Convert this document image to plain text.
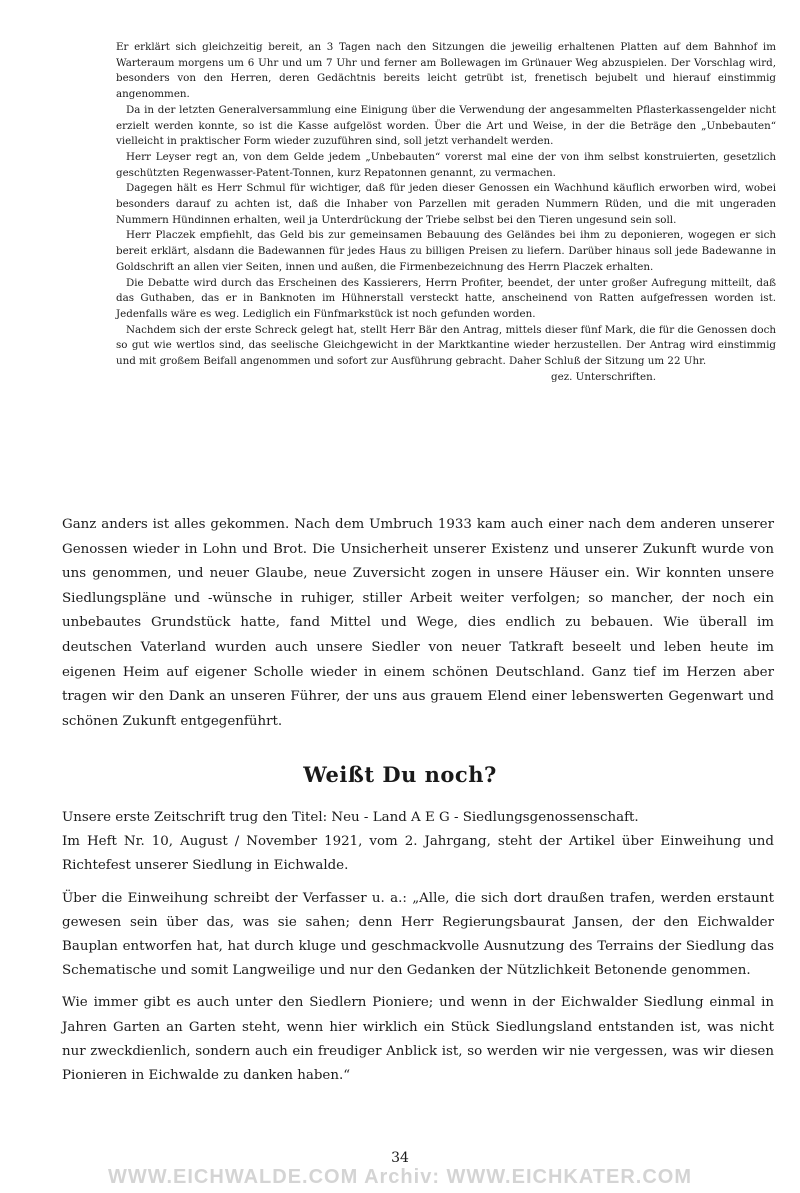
Er erklärt sich gleichzeitig bereit, an 3 Tagen nach den Sitzungen die jeweilig erhaltenen Platten auf dem Bahnhof im Warteraum morgens um 6 Uhr und um 7 Uhr und ferner am Bollewagen im Grünauer Weg abzuspielen. Der Vorschlag wird, besonders von den Herren, deren Gedächtnis bereits leicht getrübt ist, frenetisch bejubelt und hierauf einstimmig angenommen.

Da in der letzten Generalversammlung eine Einigung über die Verwendung der angesammelten Pflasterkassengelder nicht erzielt werden konnte, so ist die Kasse aufgelöst worden. Über die Art und Weise, in der die Beträge den „Unbebauten“ vielleicht in praktischer Form wieder zuzuführen sind, soll jetzt verhandelt werden.

Herr Leyser regt an, von dem Gelde jedem „Unbebauten“ vorerst mal eine der von ihm selbst konstruierten, gesetzlich geschützten Regenwasser-Patent-Tonnen, kurz Repatonnen genannt, zu vermachen.

Dagegen hält es Herr Schmul für wichtiger, daß für jeden dieser Genossen ein Wachhund käuflich erworben wird, wobei besonders darauf zu achten ist, daß die Inhaber von Parzellen mit geraden Nummern Rüden, und die mit ungeraden Nummern Hündinnen erhalten, weil ja Unterdrückung der Triebe selbst bei den Tieren ungesund sein soll.

Herr Placzek empfiehlt, das Geld bis zur gemeinsamen Bebauung des Geländes bei ihm zu deponieren, wogegen er sich bereit erklärt, alsdann die Badewannen für jedes Haus zu billigen Preisen zu liefern. Darüber hinaus soll jede Badewanne in Goldschrift an allen vier Seiten, innen und außen, die Firmenbezeichnung des Herrn Placzek erhalten.

Die Debatte wird durch das Erscheinen des Kassierers, Herrn Profiter, beendet, der unter großer Aufregung mitteilt, daß das Guthaben, das er in Banknoten im Hühnerstall versteckt hatte, anscheinend von Ratten aufgefressen worden ist. Jedenfalls wäre es weg. Lediglich ein Fünfmarkstück ist noch gefunden worden.

Nachdem sich der erste Schreck gelegt hat, stellt Herr Bär den Antrag, mittels dieser fünf Mark, die für die Genossen doch so gut wie wertlos sind, das seelische Gleichgewicht in der Marktkantine wieder herzustellen. Der Antrag wird einstimmig und mit großem Beifall angenommen und sofort zur Ausführung gebracht. Daher Schluß der Sitzung um 22 Uhr.

gez. Unterschriften.

Ganz anders ist alles gekommen. Nach dem Umbruch 1933 kam auch einer nach dem anderen unserer Genossen wieder in Lohn und Brot. Die Unsicherheit unserer Existenz und unserer Zukunft wurde von uns genommen, und neuer Glaube, neue Zuversicht zogen in unsere Häuser ein. Wir konnten unsere Siedlungspläne und -wünsche in ruhiger, stiller Arbeit weiter verfolgen; so mancher, der noch ein unbebautes Grundstück hatte, fand Mittel und Wege, dies endlich zu bebauen. Wie überall im deutschen Vaterland wurden auch unsere Siedler von neuer Tatkraft beseelt und leben heute im eigenen Heim auf eigener Scholle wieder in einem schönen Deutschland. Ganz tief im Herzen aber tragen wir den Dank an unseren Führer, der uns aus grauem Elend einer lebenswerten Gegenwart und schönen Zukunft entgegenführt.

Weißt Du noch?

Unsere erste Zeitschrift trug den Titel: Neu - Land A E G - Siedlungsgenossenschaft.

Im Heft Nr. 10, August / November 1921, vom 2. Jahrgang, steht der Artikel über Einweihung und Richtefest unserer Siedlung in Eichwalde.

Über die Einweihung schreibt der Verfasser u. a.: „Alle, die sich dort draußen trafen, werden erstaunt gewesen sein über das, was sie sahen; denn Herr Regierungsbaurat Jansen, der den Eichwalder Bauplan entworfen hat, hat durch kluge und geschmackvolle Ausnutzung des Terrains der Siedlung das Schematische und somit Langweilige und nur den Gedanken der Nützlichkeit Betonende genommen.

Wie immer gibt es auch unter den Siedlern Pioniere; und wenn in der Eichwalder Siedlung einmal in Jahren Garten an Garten steht, wenn hier wirklich ein Stück Siedlungsland entstanden ist, was nicht nur zweckdienlich, sondern auch ein freudiger Anblick ist, so werden wir nie vergessen, was wir diesen Pionieren in Eichwalde zu danken haben.“

34
WWW.EICHWALDE.COM Archiv: WWW.EICHKATER.COM
